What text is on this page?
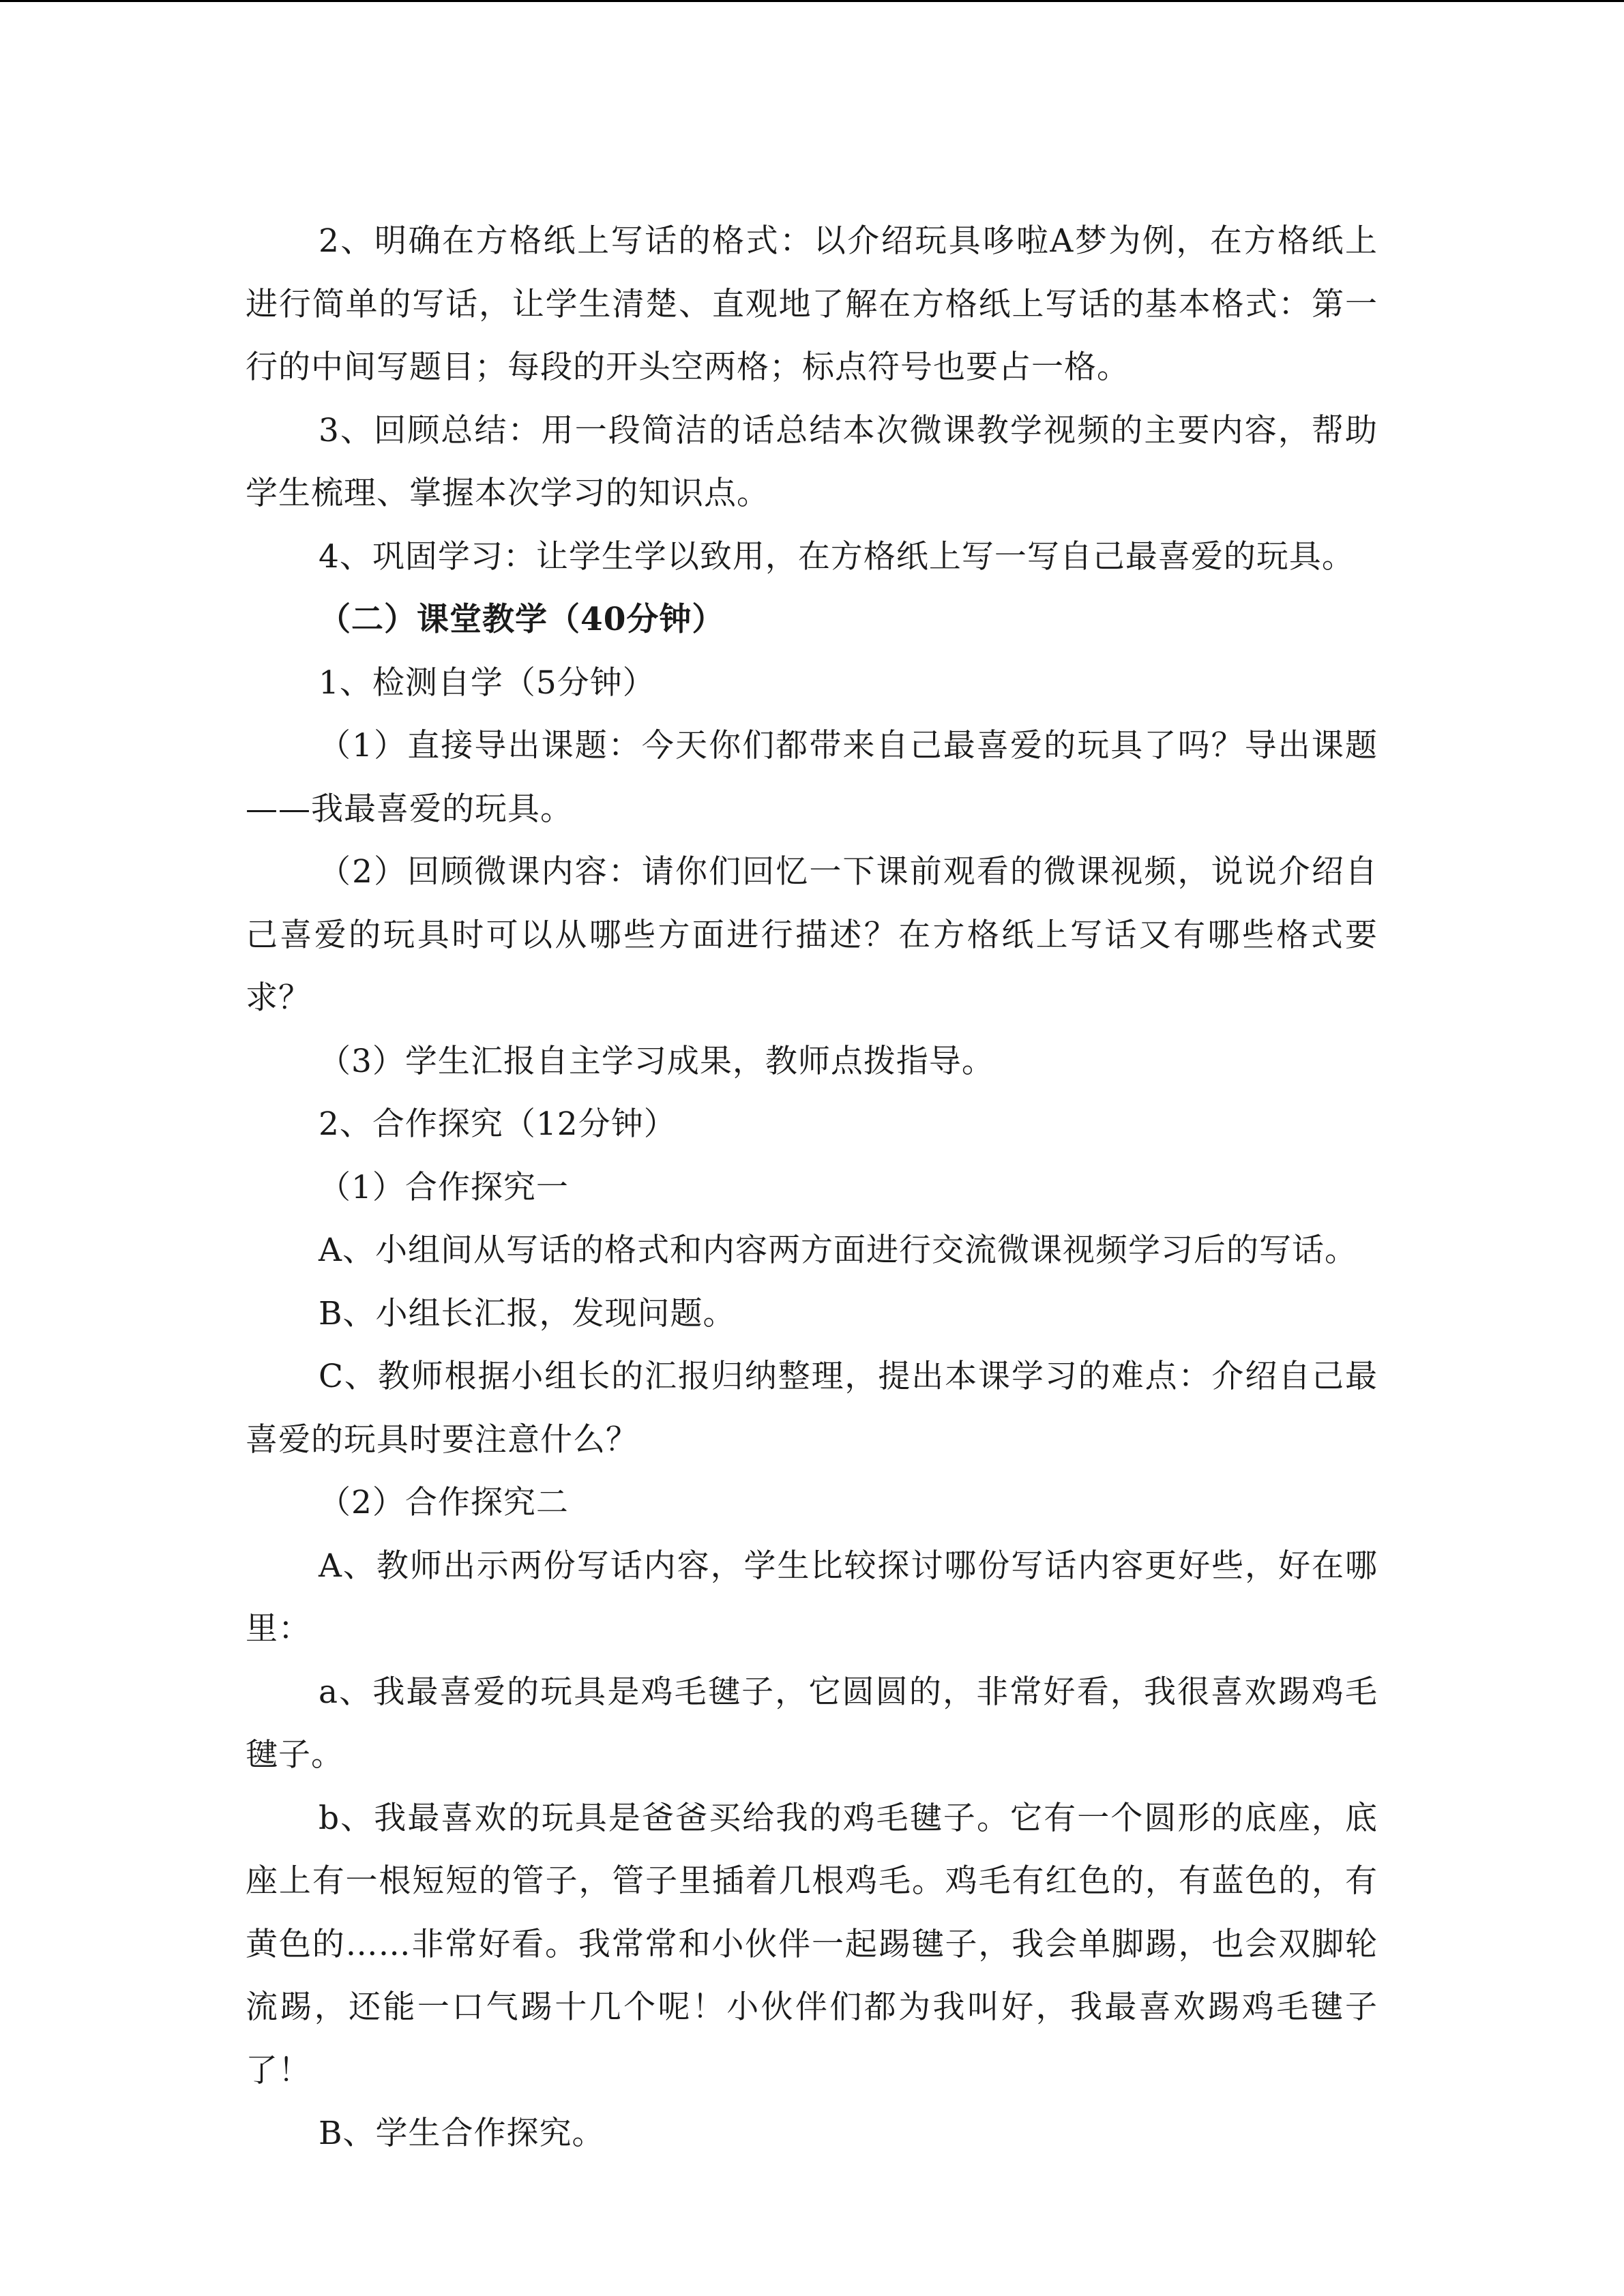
2、明确在方格纸上写话的格式：以介绍玩具哆啦A梦为例，在方格纸上进行简单的写话，让学生清楚、直观地了解在方格纸上写话的基本格式：第一行的中间写题目；每段的开头空两格；标点符号也要占一格。

3、回顾总结：用一段简洁的话总结本次微课教学视频的主要内容，帮助学生梳理、掌握本次学习的知识点。

4、巩固学习：让学生学以致用，在方格纸上写一写自己最喜爱的玩具。

（二）课堂教学（40分钟）

1、检测自学（5分钟）

（1）直接导出课题：今天你们都带来自己最喜爱的玩具了吗？导出课题——我最喜爱的玩具。

（2）回顾微课内容：请你们回忆一下课前观看的微课视频，说说介绍自己喜爱的玩具时可以从哪些方面进行描述？在方格纸上写话又有哪些格式要求？

（3）学生汇报自主学习成果，教师点拨指导。

2、合作探究（12分钟）

（1）合作探究一

A、小组间从写话的格式和内容两方面进行交流微课视频学习后的写话。

B、小组长汇报，发现问题。

C、教师根据小组长的汇报归纳整理，提出本课学习的难点：介绍自己最喜爱的玩具时要注意什么？

（2）合作探究二

A、教师出示两份写话内容，学生比较探讨哪份写话内容更好些，好在哪里：

a、我最喜爱的玩具是鸡毛毽子，它圆圆的，非常好看，我很喜欢踢鸡毛毽子。

b、我最喜欢的玩具是爸爸买给我的鸡毛毽子。它有一个圆形的底座，底座上有一根短短的管子，管子里插着几根鸡毛。鸡毛有红色的，有蓝色的，有黄色的……非常好看。我常常和小伙伴一起踢毽子，我会单脚踢，也会双脚轮流踢，还能一口气踢十几个呢！小伙伴们都为我叫好，我最喜欢踢鸡毛毽子了！

B、学生合作探究。
